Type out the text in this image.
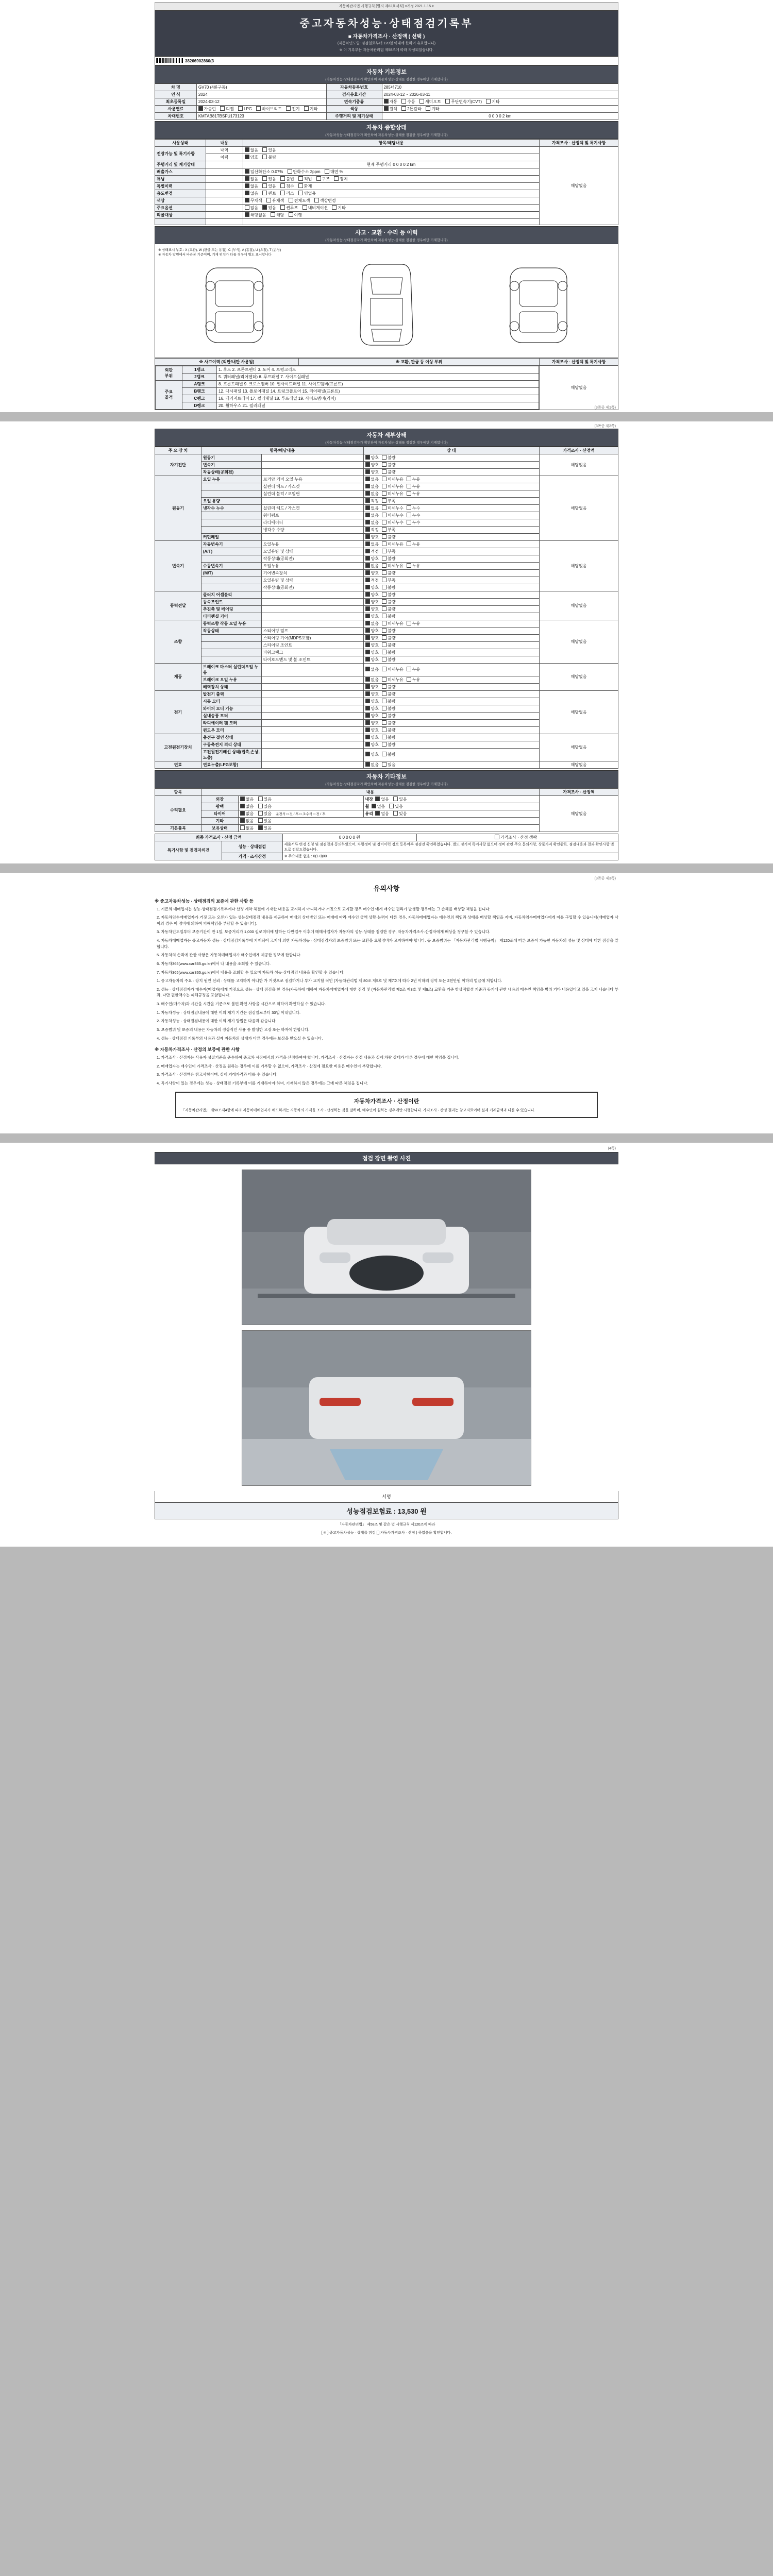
자동차관리법 시행규칙 [별지 제82호서식] <개정 2021.1.15.>
중고자동차성능·상태점검기록부
■ 자동차가격조사 · 산정액 ( 선택 )
(자동차인도일: 점검일로부터 120일 이내에 한하여 유효합니다)
※ 이 기록부는 자동차관리법 제58조에 따라 작성되었습니다.
38266902860(3
자동차 기본정보
(자동차성능·상태점검자가 확인하여 자동차성능·상태를 점검한 경우에만 기재합니다)
차 명	GV70 (4륜구동)	자동차등록번호	285너710
연 식	2024	검사유효기간	2024-03-12 ~ 2026-03-11
최초등록일	2024-03-12	변속기종류	자동 수동 세미오토 무단변속기(CVT) 기타
사용연료	가솔린 디젤 LPG 하이브리드 전기 기타	색상	원색 2톤칼라 기타
차대번호	KMTAB81TBSFU173123	주행거리 및 계기상태	0 0 0 0 2 km
자동차 종합상태
(자동차성능·상태점검자가 확인하여 자동차성능·상태를 점검한 경우에만 기재합니다)
사용상태	내용	항목/해당내용	가격조사 · 산정액 및 특기사항
전장가능 및 특기사항	내역	없음 있음	해당없음
	이력	양호 불량	
주행거리 및 계기상태		현재 주행거리 0 0 0 0 2 km	
배출가스		일산화탄소 0.07% 탄화수소 2ppm 매연 %	
튜닝		없음 있음 불법 적법 구조 장치	
특별이력		없음 있음 침수 화재	
용도변경		없음 렌트 리스 영업용	
색상		무채색 유채색 전체도색 색상변경	
주요옵션		없음 있음 썬루프 내비게이션 기타	
리콜대상		해당없음 해당 이행	

사고 · 교환 · 수리 등 이력
(자동차성능·상태점검자가 확인하여 자동차성능·상태를 점검한 경우에만 기재합니다)
※ 상태표시 부호 : X (교환), W (판금 또는 용접), C (부식), A (흠집), U (요철), T (손상)
※ 자동차 앞면에서 바라본 기준이며, 기재 위치가 다를 경우에 별도 표시합니다
※ 사고이력 (외판/내판 사용됨)	※ 교환, 판금 등 이상 부위	가격조사 · 산정액 및 특기사항

외판
부위	1랭크	1. 후드 2. 프론트펜더 3. 도어 4. 트렁크리드
2랭크	5. 쿼터패널(리어펜더) 6. 루프패널 7. 사이드실패널
주요
골격	A랭크	8. 프론트패널 9. 크로스멤버 10. 인사이드패널 11. 사이드멤버(프론트)
B랭크	12. 대시패널 13. 플로어패널 14. 트렁크플로어 15. 리어패널(프론트)
C랭크	16. 패키지트레이 17. 필러패널 18. 루프레일 19. 사이드멤버(리어)
D랭크	20. 휠하우스 21. 필러패널
	해당없음
(3쪽중 제1쪽)
(3쪽중 제2쪽)
자동차 세부상태
(자동차성능·상태점검자가 확인하여 자동차성능·상태를 점검한 경우에만 기재합니다)
주 요 장 치	항목/해당내용		상 태	가격조사 · 산정액
자기진단	원동기		양호 불량	해당없음
	변속기		양호 불량	
	작동상태(공회전)		양호 불량	
원동기	오일 누유	로커암 커버 오일 누유	없음 미세누유 누유	해당없음
		실린더 헤드 / 가스켓	없음 미세누유 누유	
		실린더 블럭 / 오일팬	없음 미세누유 누유	
	오일 유량		적정 부족	
	냉각수 누수	실린더 헤드 / 가스켓	없음 미세누수 누수	
		워터펌프	없음 미세누수 누수	
		라디에이터	없음 미세누수 누수	
		냉각수 수량	적정 부족	
	커먼레일		양호 불량	
변속기	자동변속기	오일누유	없음 미세누유 누유	해당없음
	(A/T)	오일유량 및 상태	적정 부족	
		작동상태(공회전)	양호 불량	
	수동변속기	오일누유	없음 미세누유 누유	
	(M/T)	기어변속장치	양호 불량	
		오일유량 및 상태	적정 부족	
		작동상태(공회전)	양호 불량	
동력전달	클러치 어셈블리		양호 불량	해당없음
	등속조인트		양호 불량	
	추진축 및 베어링		양호 불량	
	디퍼렌셜 기어		양호 불량	
조향	동력조향 작동 오일 누유		없음 미세누유 누유	해당없음
	작동상태	스티어링 펌프	양호 불량	
		스티어링 기어(MDPS포함)	양호 불량	
		스티어링 조인트	양호 불량	
		파워크랭크	양호 불량	
		타이로드엔드 및 볼 조인트	양호 불량	
제동	브레이크 마스터 실린더오일 누유		없음 미세누유 누유	해당없음
	브레이크 오일 누유		없음 미세누유 누유	
	배력장치 상태		양호 불량	
전기	발전기 출력		양호 불량	해당없음
	시동 모터		양호 불량	
	와이퍼 모터 기능		양호 불량	
	실내송풍 모터		양호 불량	
	라디에이터 팬 모터		양호 불량	
	윈도우 모터		양호 불량	
고전원전기장치	충전구 절연 상태		양호 불량	해당없음
	구동축전지 격리 상태		양호 불량	
	고전원전기배선 상태(접촉,손상,노출)		양호 불량	
연료	연료누출(LPG포함)		없음 있음	해당없음
자동차 기타정보
(자동차성능·상태점검자가 확인하여 자동차성능·상태를 점검한 경우에만 기재합니다)
항목	내용			가격조사 · 산정액
수리필요	외장	없음 있음	내장 없음 있음	해당없음
	광택	없음 있음	휠 없음 있음	
	타이어	없음 있음 운전석 □ 전 / 후 □ 조수석 □ 전 / 후	유리 없음 있음	
	기타	없음 있음		
기본품목	보유상태	없음 있음		
최종 가격조사 · 산정 금액		0 0 0 0 0 원	가격조사 · 산정 생략
특기사항 및 점검자의견	성능 · 상태점검	제출서류 변경 신청 및 점검결과 동의하였으며, 차량정비 및 정비이력 정보 등록여부 점검전 확인하였습니다. 별도 정기적 특이사항 없으며 정비 관련 주요 문의사항, 상품가격 확인완료. 점검내용과 결과 확인사항 별도로 전달드렸습니다.	
	가격 · 조사산정	※ 주요내용 없음 : 0(1-0)00	
(3쪽중 제3쪽)
유의사항
※ 중고자동차성능 · 상태점검의 보증에 관한 사항 등
1. 기존의 매매업자는 성능·상태점검기록부에다 산정 계약 체결에 기재한 내용을 교지하지 아니하거나 거짓으로 교지할 경우 매수인 에게 매수인 권리가 발생할 경우에는 그 손해를 배상할 책임을 집니다.
2. 자동차임수매매업자가 거짓 또는 오류가 있는 성능상태점검 내용을 제공하여 매매의 상대방인 또는 매매에 따라 매수인 금액 상황·능력이 다른 경우, 자동차매매업자는 매수인의 책임과 상태를 배상할 책임을 지며, 자동차임수매매업자에게 이를 구입할 수 있습니다(매매업자 사이의 경우 이 정비에 의하여 피해책임을 부담할 수 있습니다).
3. 자동차인도일부터 보증기간이 만 1일, 보증거리가 1,000 킬로미터에 달하는 다만업무 이후에 매매사업자가 자동차의 성능·상태를 점검한 경우, 자동차가격조사·산정자에게 배상을 청구할 수 있습니다.
4. 자동차매매업자는 중고자동차 성능 · 상태점검기록부에 기재되어 고지에 의한 자동차성능 · 상태점검자의 보증범위 또는 교환을 요할정비가 고지하여야 합니다. 등 보증범위는 「자동차관리법 시행규칙」 제120조에 따른 보증이 가능한 자동차의 성능 및 상태에 대한 점검을 말합니다.
5. 자동차의 손괴에 관한 사항은 자동차매매업자가 매수인에게 제공한 정보에 한합니다.
6. 자동차365(www.car365.go.kr)에서 나 내용을 조회할 수 있습니다.
7. 자동차365(www.car365.go.kr)에서 내용을 조회할 수 있으며 자동차 성능·상태점검 내용을 확인할 수 있습니다.
1. 중고자동차의 주요 · 장치 원인 신뢰 · 상태를 고지하지 아니한 가 거짓으로 점검하거나 부가 교지할 적인 (자동차관리법 제 80조 제5호 및 제7호에 따라 2년 이하의 징역 또는 2천만원 이하의 벌금에 처합니다.
2. 성능 · 상태점검자가 매수자(매입자)에게 거짓으로 성능 · 상태 점검을 한 경우(자동차에 대하여 자동차매매업자에 대한 점검 및 (자동차관리법 제2조 제3호 및 제9조) 교환을 기준 항상적합성 기준과 동기에 관한 내용의 매수인 책임을 범위 기타 내용있다고 있을 고지 니습니다 부과, 다만 권한액수는 피해규정을 포함됩니다.
3. 매수인(매수자)과 시간을 시간을 기준으로 불편 확인 사항을 시간으로 위하여 확인하실 수 있습니다.
1. 자동차성능 · 상태점검내용에 대한 이의 제기 기간은 점검일로부터 30일 이내입니다.
2. 자동차성능 · 상태점검내용에 대한 이의 제기 방법은 다음과 같습니다.
3. 보증범위 및 보증의 내용은 자동차의 정상적인 사용 중 발생한 고장 또는 하자에 한합니다.
4. 성능 · 상태점검 기록부의 내용과 실제 자동차의 상태가 다른 경우에는 보상을 받으실 수 있습니다.
※ 자동차가격조사 · 산정의 보증에 관한 사항
1. 가격조사 · 산정자는 사용자 성질기준을 준수하여 중고차 시장에서의 가격을 산정하여야 합니다. 가격조사 · 산정자는 산정 내용과 실제 차량 상태가 다른 경우에 대한 책임을 집니다.
2. 매매업자는 매수인이 가격조사 · 산정을 원하는 경우에 이를 거부할 수 없으며, 가격조사 · 산정에 필요한 비용은 매수인이 부담합니다.
3. 가격조사 · 산정액은 참고사항이며, 실제 거래가격과 다를 수 있습니다.
4. 특기사항이 있는 경우에는 성능 · 상태점검 기록부에 이를 기재하여야 하며, 기재하지 않은 경우에는 그에 따른 책임을 집니다.
자동차가격조사 · 산정이란
「자동차관리법」 제58조제4항에 따라 자동차매매업자가 매도하려는 자동차의 가격을 조사 · 산정하는 것을 말하며, 매수인이 원하는 경우에만 시행합니다. 가격조사 · 산정 결과는 참고자료이며 실제 거래금액과 다를 수 있습니다.
(4쪽)
점검 장면 촬영 사진
서명
성능점검보험료 : 13,530 원
「자동차관리법」 제58조 및 같은 법 시행규칙 제120조에 따라
[ ※ ] 중고자동차성능 · 상태를 점검 [ ] 자동차가격조사 · 산정 ) 하였음을 확인합니다.
